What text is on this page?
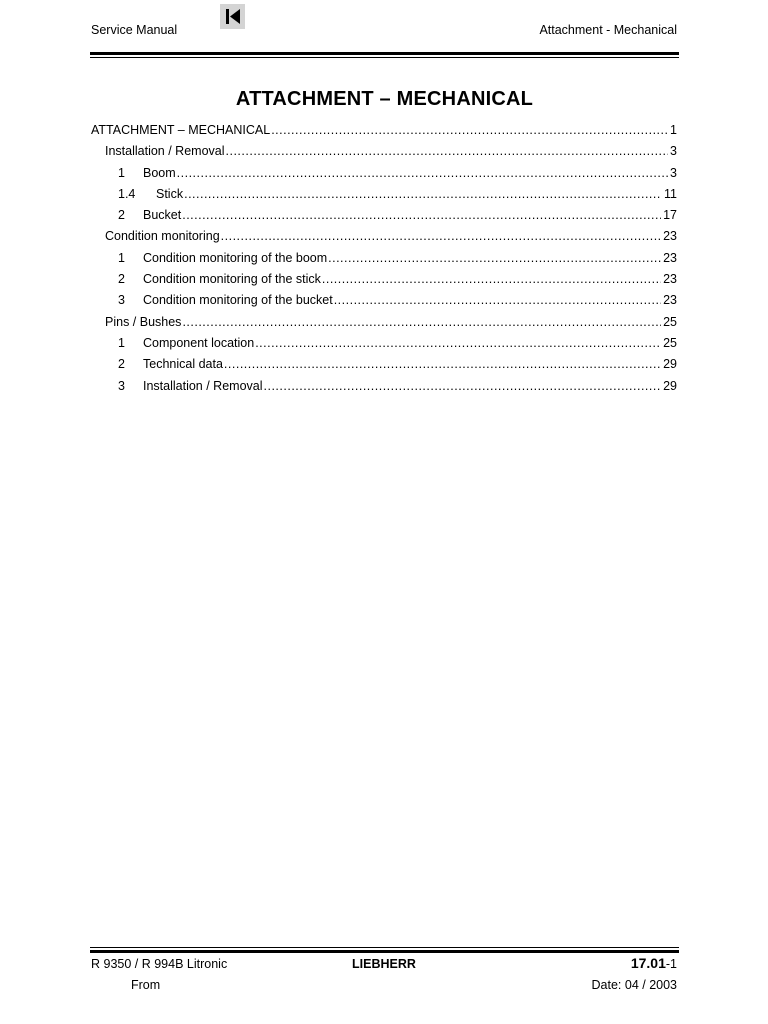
Service Manual	Attachment - Mechanical
ATTACHMENT – MECHANICAL
ATTACHMENT – MECHANICAL .....	1
Installation / Removal .....	3
1	Boom .....	3
1.4	Stick .....	11
2	Bucket .....	17
Condition monitoring .....	23
1	Condition monitoring of the boom .....	23
2	Condition monitoring of the stick .....	23
3	Condition monitoring of the bucket .....	23
Pins / Bushes .....	25
1	Component location .....	25
2	Technical data .....	29
3	Installation / Removal .....	29
R 9350 / R 994B Litronic	LIEBHERR	17.01-1
From	Date: 04 / 2003
